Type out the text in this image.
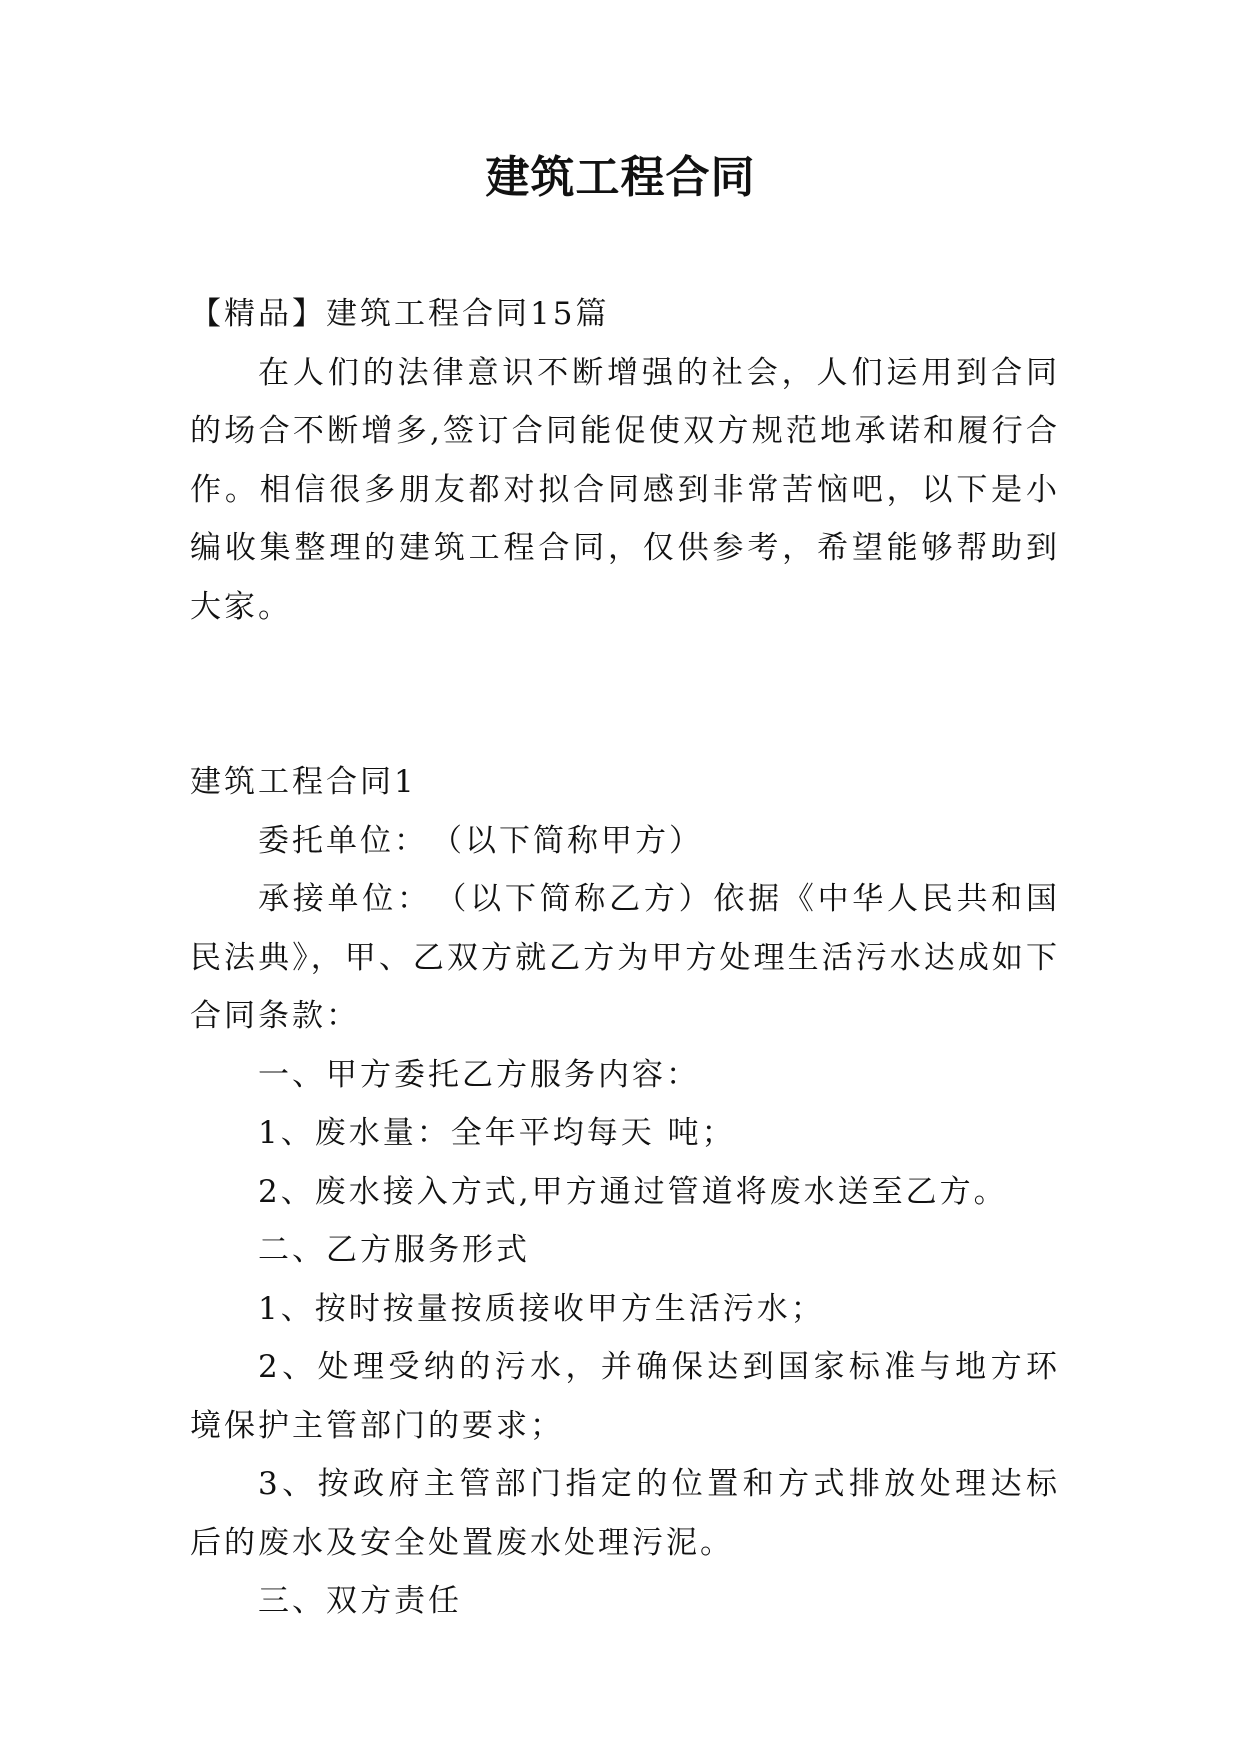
建筑工程合同

【精品】建筑工程合同15篇

在人们的法律意识不断增强的社会，人们运用到合同的场合不断增多,签订合同能促使双方规范地承诺和履行合作。相信很多朋友都对拟合同感到非常苦恼吧，以下是小编收集整理的建筑工程合同，仅供参考，希望能够帮助到大家。

建筑工程合同1

委托单位：　（以下简称甲方）

承接单位：　（以下简称乙方）依据《中华人民共和国民法典》，甲、乙双方就乙方为甲方处理生活污水达成如下合同条款：

一、甲方委托乙方服务内容：

1、废水量：全年平均每天 吨；

2、废水接入方式,甲方通过管道将废水送至乙方。

二、乙方服务形式

1、按时按量按质接收甲方生活污水；

2、处理受纳的污水，并确保达到国家标准与地方环境保护主管部门的要求；

3、按政府主管部门指定的位置和方式排放处理达标后的废水及安全处置废水处理污泥。

三、双方责任
